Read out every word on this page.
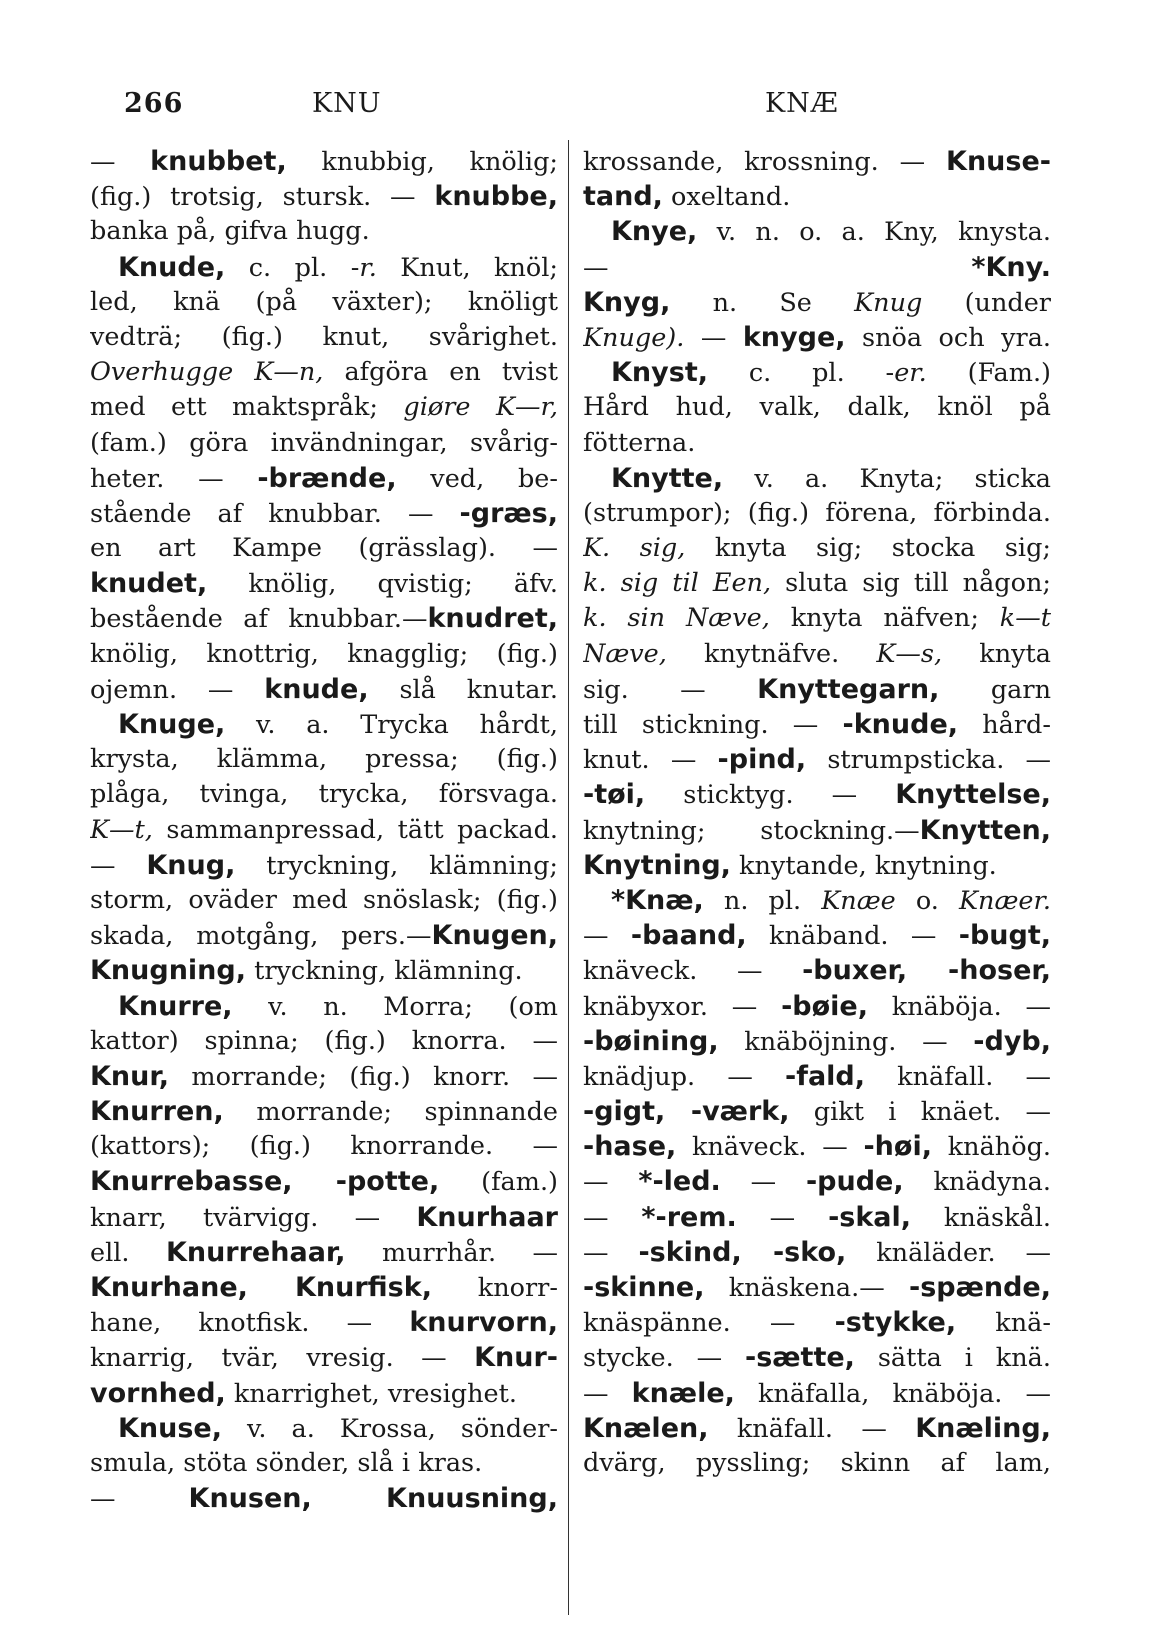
266	KNU	KNÆ
— knubbet, knubbig, knölig;
(fig.) trotsig, stursk. — knubbe,
banka på, gifva hugg.
Knude, c. pl. -r. Knut, knöl;
led, knä (på växter); knöligt
vedträ; (fig.) knut, svårighet.
Overhugge K—n, afgöra en tvist
med ett maktspråk; giøre K—r,
(fam.) göra invändningar, svårig-
heter. — -brænde, ved, be-
stående af knubbar. — -græs,
en art Kampe (grässlag). —
knudet, knölig, qvistig; äfv.
bestående af knubbar.—knudret,
knölig, knottrig, knagglig; (fig.)
ojemn. — knude, slå knutar.
Knuge, v. a. Trycka hårdt,
krysta, klämma, pressa; (fig.)
plåga, tvinga, trycka, försvaga.
K—t, sammanpressad, tätt packad.
— Knug, tryckning, klämning;
storm, oväder med snöslask; (fig.)
skada, motgång, pers.—Knugen,
Knugning, tryckning, klämning.
Knurre, v. n. Morra; (om
kattor) spinna; (fig.) knorra. —
Knur, morrande; (fig.) knorr. —
Knurren, morrande; spinnande
(kattors); (fig.) knorrande. —
Knurrebasse, -potte, (fam.)
knarr, tvärvigg. — Knurhaar
ell. Knurrehaar, murrhår. —
Knurhane, Knurfisk, knorr-
hane, knotfisk. — knurvorn,
knarrig, tvär, vresig. — Knur-
vornhed, knarrighet, vresighet.
Knuse, v. a. Krossa, sönder-
smula, stöta sönder, slå i kras.
— Knusen, Knuusning,
krossande, krossning. — Knuse-
tand, oxeltand.
Knye, v. n. o. a. Kny, knysta.
— *Kny.
Knyg, n. Se Knug (under
Knuge). — knyge, snöa och yra.
Knyst, c. pl. -er. (Fam.)
Hård hud, valk, dalk, knöl på
fötterna.
Knytte, v. a. Knyta; sticka
(strumpor); (fig.) förena, förbinda.
K. sig, knyta sig; stocka sig;
k. sig til Een, sluta sig till någon;
k. sin Næve, knyta näfven; k—t
Næve, knytnäfve. K—s, knyta
sig. — Knyttegarn, garn
till stickning. — -knude, hård-
knut. — -pind, strumpsticka. —
-tøi, sticktyg. — Knyttelse,
knytning; stockning.—Knytten,
Knytning, knytande, knytning.
*Knæ, n. pl. Knæe o. Knæer.
— -baand, knäband. — -bugt,
knäveck. — -buxer, -hoser,
knäbyxor. — -bøie, knäböja. —
-bøining, knäböjning. — -dyb,
knädjup. — -fald, knäfall. —
-gigt, -værk, gikt i knäet. —
-hase, knäveck. — -høi, knähög.
— *-led. — -pude, knädyna.
— *-rem. — -skal, knäskål.
— -skind, -sko, knäläder. —
-skinne, knäskena.— -spænde,
knäspänne. — -stykke, knä-
stycke. — -sætte, sätta i knä.
— knæle, knäfalla, knäböja. —
Knælen, knäfall. — Knæling,
dvärg, pyssling; skinn af lam,
